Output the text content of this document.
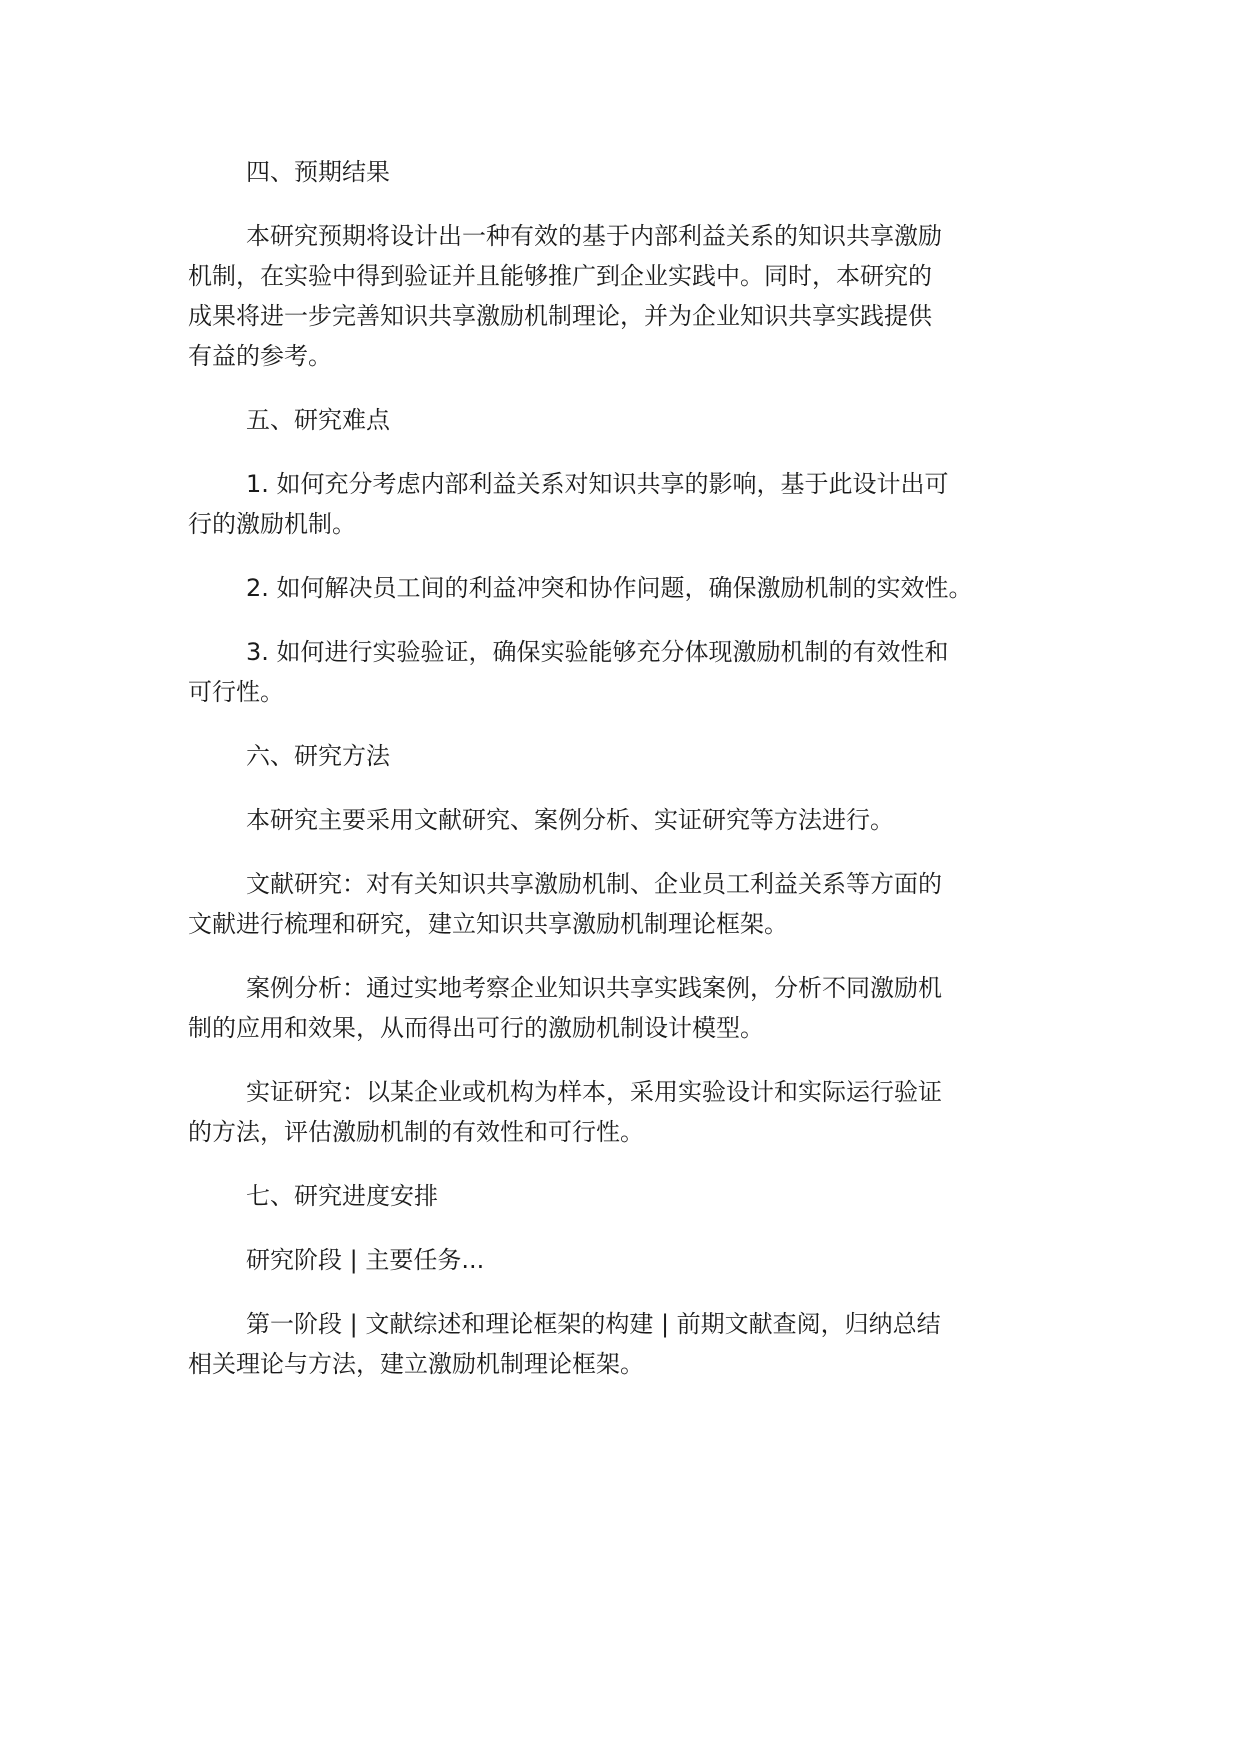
四、预期结果
本研究预期将设计出一种有效的基于内部利益关系的知识共享激励
机制，在实验中得到验证并且能够推广到企业实践中。同时，本研究的
成果将进一步完善知识共享激励机制理论，并为企业知识共享实践提供
有益的参考。
五、研究难点
1. 如何充分考虑内部利益关系对知识共享的影响，基于此设计出可
行的激励机制。
2. 如何解决员工间的利益冲突和协作问题，确保激励机制的实效性。
3. 如何进行实验验证，确保实验能够充分体现激励机制的有效性和
可行性。
六、研究方法
本研究主要采用文献研究、案例分析、实证研究等方法进行。
文献研究：对有关知识共享激励机制、企业员工利益关系等方面的
文献进行梳理和研究，建立知识共享激励机制理论框架。
案例分析：通过实地考察企业知识共享实践案例，分析不同激励机
制的应用和效果，从而得出可行的激励机制设计模型。
实证研究：以某企业或机构为样本，采用实验设计和实际运行验证
的方法，评估激励机制的有效性和可行性。
七、研究进度安排
研究阶段 | 主要任务...
第一阶段 | 文献综述和理论框架的构建 | 前期文献查阅，归纳总结
相关理论与方法，建立激励机制理论框架。
